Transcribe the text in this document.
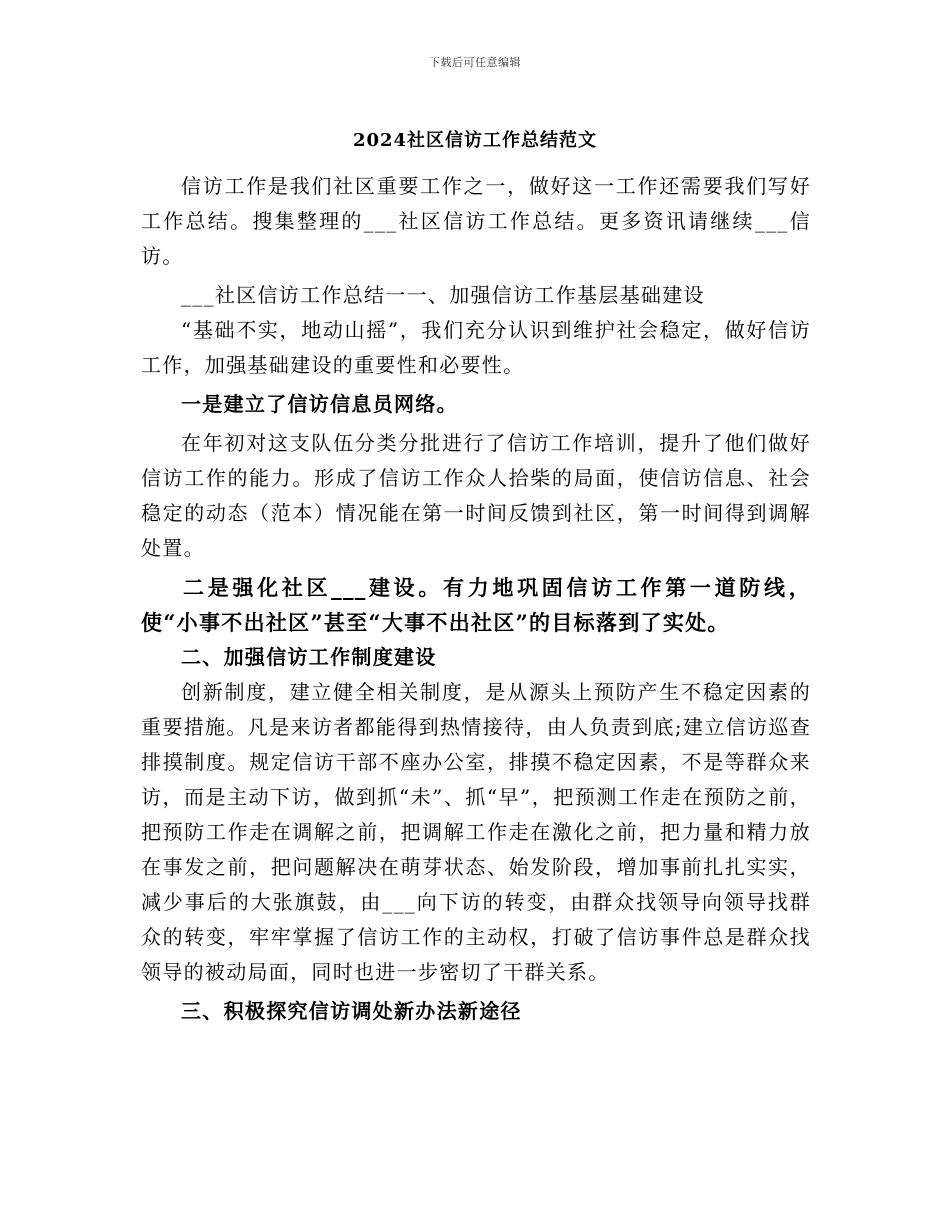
下载后可任意编辑
2024社区信访工作总结范文

信访工作是我们社区重要工作之一，做好这一工作还需要我们写好工作总结。搜集整理的___社区信访工作总结。更多资讯请继续___信访。

___社区信访工作总结一一、加强信访工作基层基础建设

“基础不实，地动山摇”，我们充分认识到维护社会稳定，做好信访工作，加强基础建设的重要性和必要性。

一是建立了信访信息员网络。

在年初对这支队伍分类分批进行了信访工作培训，提升了他们做好信访工作的能力。形成了信访工作众人拾柴的局面，使信访信息、社会稳定的动态（范本）情况能在第一时间反馈到社区，第一时间得到调解处置。

二是强化社区___建设。有力地巩固信访工作第一道防线，使“小事不出社区”甚至“大事不出社区”的目标落到了实处。

二、加强信访工作制度建设

创新制度，建立健全相关制度，是从源头上预防产生不稳定因素的重要措施。凡是来访者都能得到热情接待，由人负责到底;建立信访巡查排摸制度。规定信访干部不座办公室，排摸不稳定因素，不是等群众来访，而是主动下访，做到抓“未”、抓“早”，把预测工作走在预防之前，把预防工作走在调解之前，把调解工作走在激化之前，把力量和精力放在事发之前，把问题解决在萌芽状态、始发阶段，增加事前扎扎实实，减少事后的大张旗鼓，由___向下访的转变，由群众找领导向领导找群众的转变，牢牢掌握了信访工作的主动权，打破了信访事件总是群众找领导的被动局面，同时也进一步密切了干群关系。

三、积极探究信访调处新办法新途径
